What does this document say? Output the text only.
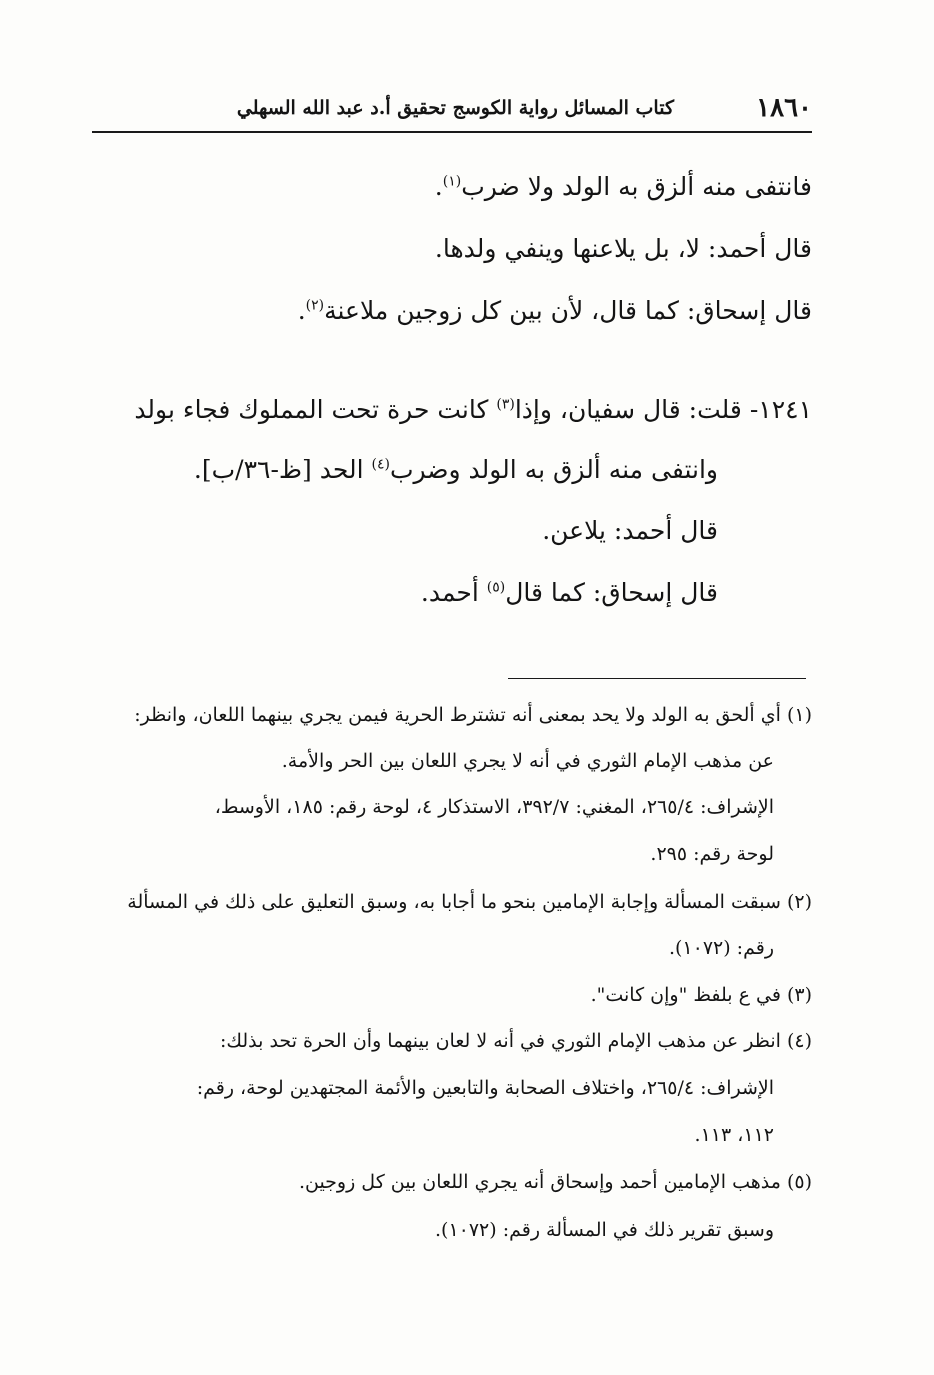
١٨٦٠
كتاب المسائل رواية الكوسج تحقيق أ.د عبد الله السهلي
فانتفى منه ألزق به الولد ولا ضرب$^{(١)}$.
قال أحمد: لا، بل يلاعنها وينفي ولدها.
قال إسحاق: كما قال، لأن بين كل زوجين ملاعنة$^{(٢)}$.
١٢٤١- قلت: قال سفيان، وإذا$^{(٣)}$ كانت حرة تحت المملوك فجاء بولد
وانتفى منه ألزق به الولد وضرب$^{(٤)}$ الحد [ظ-٣٦/ب].
قال أحمد: يلاعن.
قال إسحاق: كما قال$^{(٥)}$ أحمد.
(١) أي ألحق به الولد ولا يحد بمعنى أنه تشترط الحرية فيمن يجري بينهما اللعان، وانظر:
عن مذهب الإمام الثوري في أنه لا يجري اللعان بين الحر والأمة.
الإشراف: ٢٦٥/٤، المغني: ٣٩٢/٧، الاستذكار ٤، لوحة رقم: ١٨٥، الأوسط،
لوحة رقم: ٢٩٥.
(٢) سبقت المسألة وإجابة الإمامين بنحو ما أجابا به، وسبق التعليق على ذلك في المسألة
رقم: (١٠٧٢).
(٣) في ع بلفظ "وإن كانت".
(٤) انظر عن مذهب الإمام الثوري في أنه لا لعان بينهما وأن الحرة تحد بذلك:
الإشراف: ٢٦٥/٤، واختلاف الصحابة والتابعين والأئمة المجتهدين لوحة، رقم:
١١٢، ١١٣.
(٥) مذهب الإمامين أحمد وإسحاق أنه يجري اللعان بين كل زوجين.
وسبق تقرير ذلك في المسألة رقم: (١٠٧٢).
